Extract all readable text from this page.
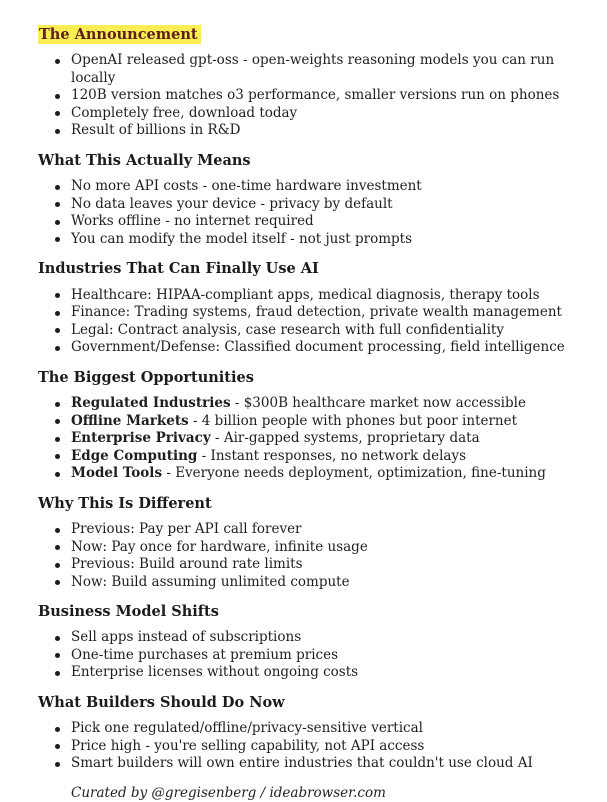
The Announcement
OpenAI released gpt-oss - open-weights reasoning models you can run locally
120B version matches o3 performance, smaller versions run on phones
Completely free, download today
Result of billions in R&D
What This Actually Means
No more API costs - one-time hardware investment
No data leaves your device - privacy by default
Works offline - no internet required
You can modify the model itself - not just prompts
Industries That Can Finally Use AI
Healthcare: HIPAA-compliant apps, medical diagnosis, therapy tools
Finance: Trading systems, fraud detection, private wealth management
Legal: Contract analysis, case research with full confidentiality
Government/Defense: Classified document processing, field intelligence
The Biggest Opportunities
Regulated Industries - $300B healthcare market now accessible
Offline Markets - 4 billion people with phones but poor internet
Enterprise Privacy - Air-gapped systems, proprietary data
Edge Computing - Instant responses, no network delays
Model Tools - Everyone needs deployment, optimization, fine-tuning
Why This Is Different
Previous: Pay per API call forever
Now: Pay once for hardware, infinite usage
Previous: Build around rate limits
Now: Build assuming unlimited compute
Business Model Shifts
Sell apps instead of subscriptions
One-time purchases at premium prices
Enterprise licenses without ongoing costs
What Builders Should Do Now
Pick one regulated/offline/privacy-sensitive vertical
Price high - you're selling capability, not API access
Smart builders will own entire industries that couldn't use cloud AI
Curated by @gregisenberg / ideabrowser.com
